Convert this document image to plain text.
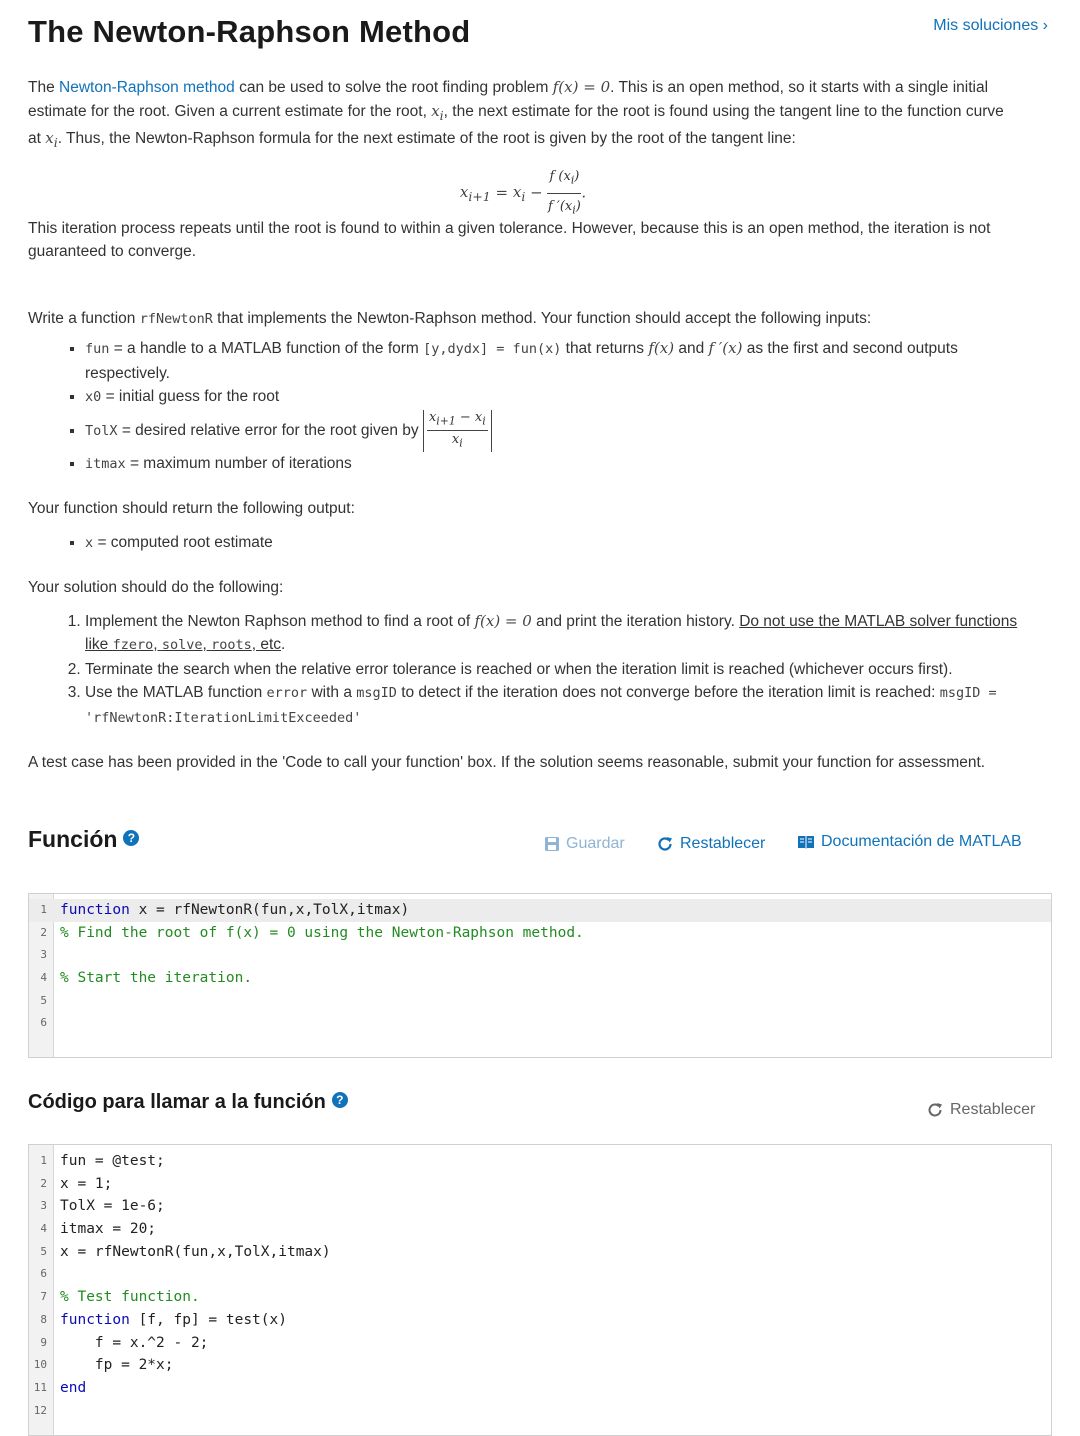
The Newton-Raphson Method	Mis soluciones ›

The Newton-Raphson method can be used to solve the root finding problem f(x) = 0. This is an open method, so it starts with a single initial estimate for the root. Given a current estimate for the root, $x_i$, the next estimate for the root is found using the tangent line to the function curve at $x_i$. Thus, the Newton-Raphson formula for the next estimate of the root is given by the root of the tangent line:

$x_{i+1} = x_i - \frac{f (x_i)}{f '(x_i)}$ .

This iteration process repeats until the root is found to within a given tolerance. However, because this is an open method, the iteration is not guaranteed to converge.

Write a function rfNewtonR that implements the Newton-Raphson method. Your function should accept the following inputs:

▪ fun = a handle to a MATLAB function of the form [y,dydx] = fun(x) that returns f(x) and f ′(x) as the first and second outputs respectively.
▪ x0 = initial guess for the root
▪ TolX = desired relative error for the root given by $\frac{x_{i+1} - x_i}{x_i}$
▪ itmax = maximum number of iterations

Your function should return the following output:

▪ x = computed root estimate

Your solution should do the following:

1. Implement the Newton Raphson method to find a root of f(x) = 0 and print the iteration history. Do not use the MATLAB solver functions like fzero, solve, roots, etc.
2. Terminate the search when the relative error tolerance is reached or when the iteration limit is reached (whichever occurs first).
3. Use the MATLAB function error with a msgID to detect if the iteration does not converge before the iteration limit is reached: msgID = 'rfNewtonR:IterationLimitExceeded'

A test case has been provided in the 'Code to call your function' box. If the solution seems reasonable, submit your function for assessment.

Función ?	Guardar	Restablecer	Documentación de MATLAB
1 function x = rfNewtonR(fun,x,TolX,itmax)
2 % Find the root of f(x) = 0 using the Newton-Raphson method.
3
4 % Start the iteration.
5
6
Código para llamar a la función ?
Restablecer
1 fun = @test;
2 x = 1;
3 TolX = 1e-6;
4 itmax = 20;
5 x = rfNewtonR(fun,x,TolX,itmax)
6
7 % Test function.
8 function [f, fp] = test(x)
9 f = x.^2 - 2;
10 fp = 2*x;
11 end
12
